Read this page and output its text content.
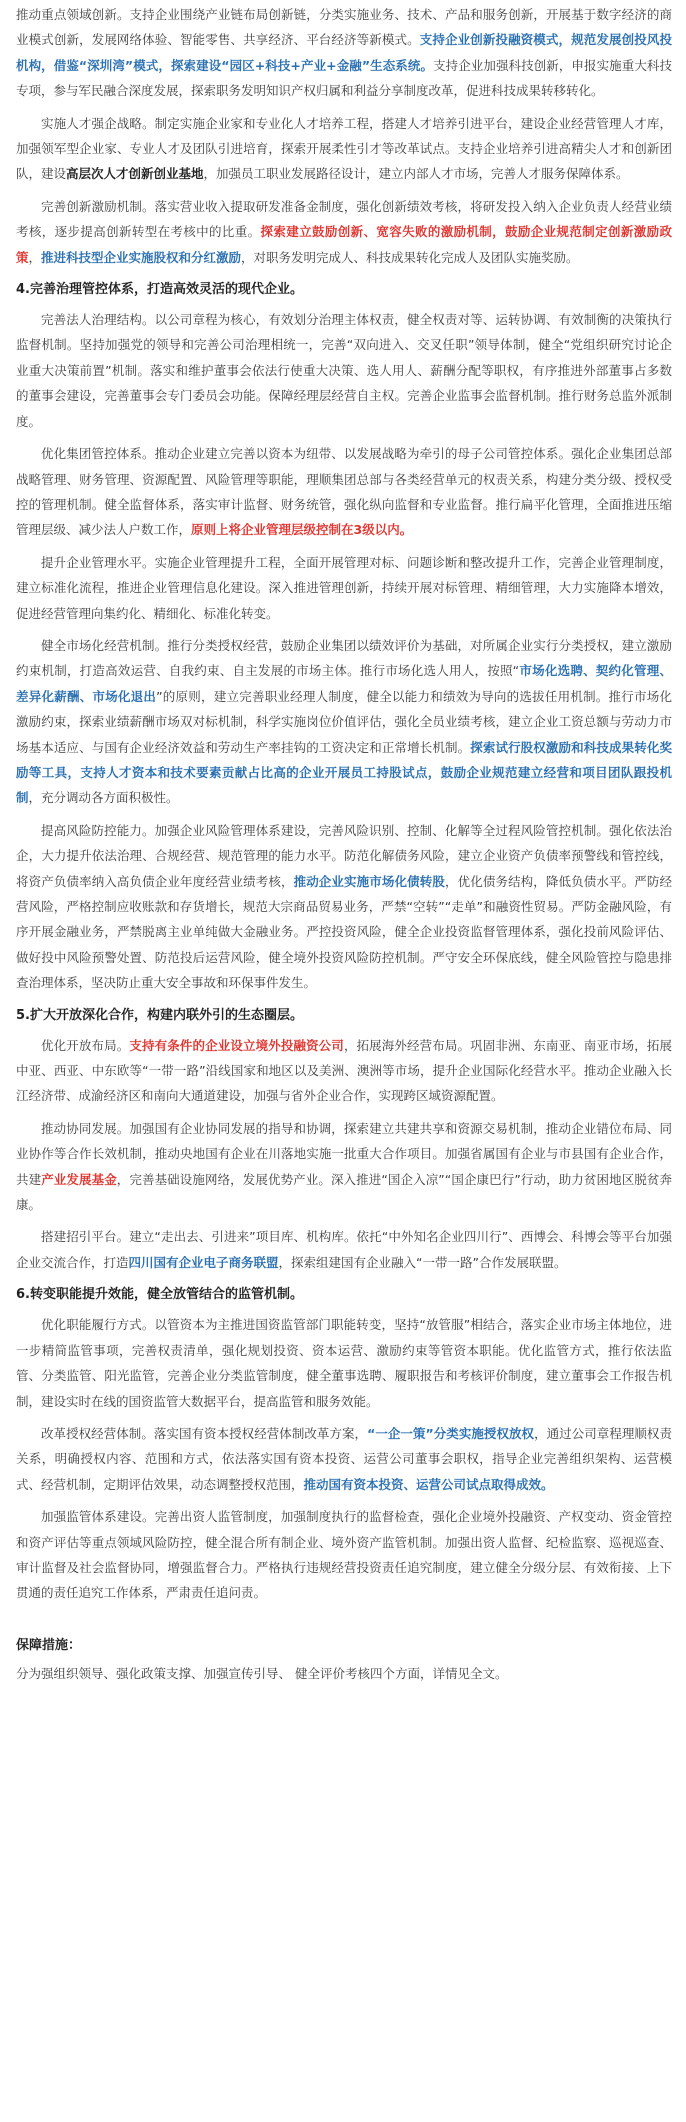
推动重点领域创新。支持企业围绕产业链布局创新链，分类实施业务、技术、产品和服务创新，开展基于数字经济的商业模式创新，发展网络体验、智能零售、共享经济、平台经济等新模式。支持企业创新投融资模式，规范发展创投风投机构，借鉴“深圳湾”模式，探索建设“园区+科技+产业+金融”生态系统。支持企业加强科技创新，申报实施重大科技专项，参与军民融合深度发展，探索职务发明知识产权归属和利益分享制度改革，促进科技成果转移转化。

实施人才强企战略。制定实施企业家和专业化人才培养工程，搭建人才培养引进平台，建设企业经营管理人才库，加强领军型企业家、专业人才及团队引进培育，探索开展柔性引才等改革试点。支持企业培养引进高精尖人才和创新团队，建设高层次人才创新创业基地，加强员工职业发展路径设计，建立内部人才市场，完善人才服务保障体系。

完善创新激励机制。落实营业收入提取研发准备金制度，强化创新绩效考核，将研发投入纳入企业负责人经营业绩考核，逐步提高创新转型在考核中的比重。探索建立鼓励创新、宽容失败的激励机制，鼓励企业规范制定创新激励政策，推进科技型企业实施股权和分红激励，对职务发明完成人、科技成果转化完成人及团队实施奖励。

4.完善治理管控体系，打造高效灵活的现代企业。

完善法人治理结构。以公司章程为核心，有效划分治理主体权责，健全权责对等、运转协调、有效制衡的决策执行监督机制。坚持加强党的领导和完善公司治理相统一，完善“双向进入、交叉任职”领导体制，健全“党组织研究讨论企业重大决策前置”机制。落实和维护董事会依法行使重大决策、选人用人、薪酬分配等职权，有序推进外部董事占多数的董事会建设，完善董事会专门委员会功能。保障经理层经营自主权。完善企业监事会监督机制。推行财务总监外派制度。

优化集团管控体系。推动企业建立完善以资本为纽带、以发展战略为牵引的母子公司管控体系。强化企业集团总部战略管理、财务管理、资源配置、风险管理等职能，理顺集团总部与各类经营单元的权责关系，构建分类分级、授权受控的管理机制。健全监督体系，落实审计监督、财务统管，强化纵向监督和专业监督。推行扁平化管理，全面推进压缩管理层级、减少法人户数工作，原则上将企业管理层级控制在3级以内。

提升企业管理水平。实施企业管理提升工程，全面开展管理对标、问题诊断和整改提升工作，完善企业管理制度，建立标准化流程，推进企业管理信息化建设。深入推进管理创新，持续开展对标管理、精细管理，大力实施降本增效，促进经营管理向集约化、精细化、标准化转变。

健全市场化经营机制。推行分类授权经营，鼓励企业集团以绩效评价为基础，对所属企业实行分类授权，建立激励约束机制，打造高效运营、自我约束、自主发展的市场主体。推行市场化选人用人，按照“市场化选聘、契约化管理、差异化薪酬、市场化退出”的原则，建立完善职业经理人制度，健全以能力和绩效为导向的选拔任用机制。推行市场化激励约束，探索业绩薪酬市场双对标机制，科学实施岗位价值评估，强化全员业绩考核，建立企业工资总额与劳动力市场基本适应、与国有企业经济效益和劳动生产率挂钩的工资决定和正常增长机制。探索试行股权激励和科技成果转化奖励等工具，支持人才资本和技术要素贡献占比高的企业开展员工持股试点，鼓励企业规范建立经营和项目团队跟投机制，充分调动各方面积极性。

提高风险防控能力。加强企业风险管理体系建设，完善风险识别、控制、化解等全过程风险管控机制。强化依法治企，大力提升依法治理、合规经营、规范管理的能力水平。防范化解债务风险，建立企业资产负债率预警线和管控线，将资产负债率纳入高负债企业年度经营业绩考核，推动企业实施市场化债转股，优化债务结构，降低负债水平。严防经营风险，严格控制应收账款和存货增长，规范大宗商品贸易业务，严禁“空转”“走单”和融资性贸易。严防金融风险，有序开展金融业务，严禁脱离主业单纯做大金融业务。严控投资风险，健全企业投资监督管理体系，强化投前风险评估、做好投中风险预警处置、防范投后运营风险，健全境外投资风险防控机制。严守安全环保底线，健全风险管控与隐患排查治理体系，坚决防止重大安全事故和环保事件发生。

5.扩大开放深化合作，构建内联外引的生态圈层。

优化开放布局。支持有条件的企业设立境外投融资公司，拓展海外经营布局。巩固非洲、东南亚、南亚市场，拓展中亚、西亚、中东欧等“一带一路”沿线国家和地区以及美洲、澳洲等市场，提升企业国际化经营水平。推动企业融入长江经济带、成渝经济区和南向大通道建设，加强与省外企业合作，实现跨区域资源配置。

推动协同发展。加强国有企业协同发展的指导和协调，探索建立共建共享和资源交易机制，推动企业错位布局、同业协作等合作长效机制，推动央地国有企业在川落地实施一批重大合作项目。加强省属国有企业与市县国有企业合作，共建产业发展基金，完善基础设施网络，发展优势产业。深入推进“国企入凉”“国企康巴行”行动，助力贫困地区脱贫奔康。

搭建招引平台。建立“走出去、引进来”项目库、机构库。依托“中外知名企业四川行”、西博会、科博会等平台加强企业交流合作，打造四川国有企业电子商务联盟，探索组建国有企业融入“一带一路”合作发展联盟。

6.转变职能提升效能，健全放管结合的监管机制。

优化职能履行方式。以管资本为主推进国资监管部门职能转变，坚持“放管服”相结合，落实企业市场主体地位，进一步精简监管事项，完善权责清单，强化规划投资、资本运营、激励约束等管资本职能。优化监管方式，推行依法监管、分类监管、阳光监管，完善企业分类监管制度，健全董事选聘、履职报告和考核评价制度，建立董事会工作报告机制，建设实时在线的国资监管大数据平台，提高监管和服务效能。

改革授权经营体制。落实国有资本授权经营体制改革方案，“一企一策”分类实施授权放权，通过公司章程理顺权责关系，明确授权内容、范围和方式，依法落实国有资本投资、运营公司董事会职权，指导企业完善组织架构、运营模式、经营机制，定期评估效果，动态调整授权范围，推动国有资本投资、运营公司试点取得成效。

加强监管体系建设。完善出资人监管制度，加强制度执行的监督检查，强化企业境外投融资、产权变动、资金管控和资产评估等重点领域风险防控，健全混合所有制企业、境外资产监管机制。加强出资人监督、纪检监察、巡视巡查、审计监督及社会监督协同，增强监督合力。严格执行违规经营投资责任追究制度，建立健全分级分层、有效衔接、上下贯通的责任追究工作体系，严肃责任追问责。

保障措施：

分为强组织领导、强化政策支撑、加强宣传引导、 健全评价考核四个方面，详情见全文。
